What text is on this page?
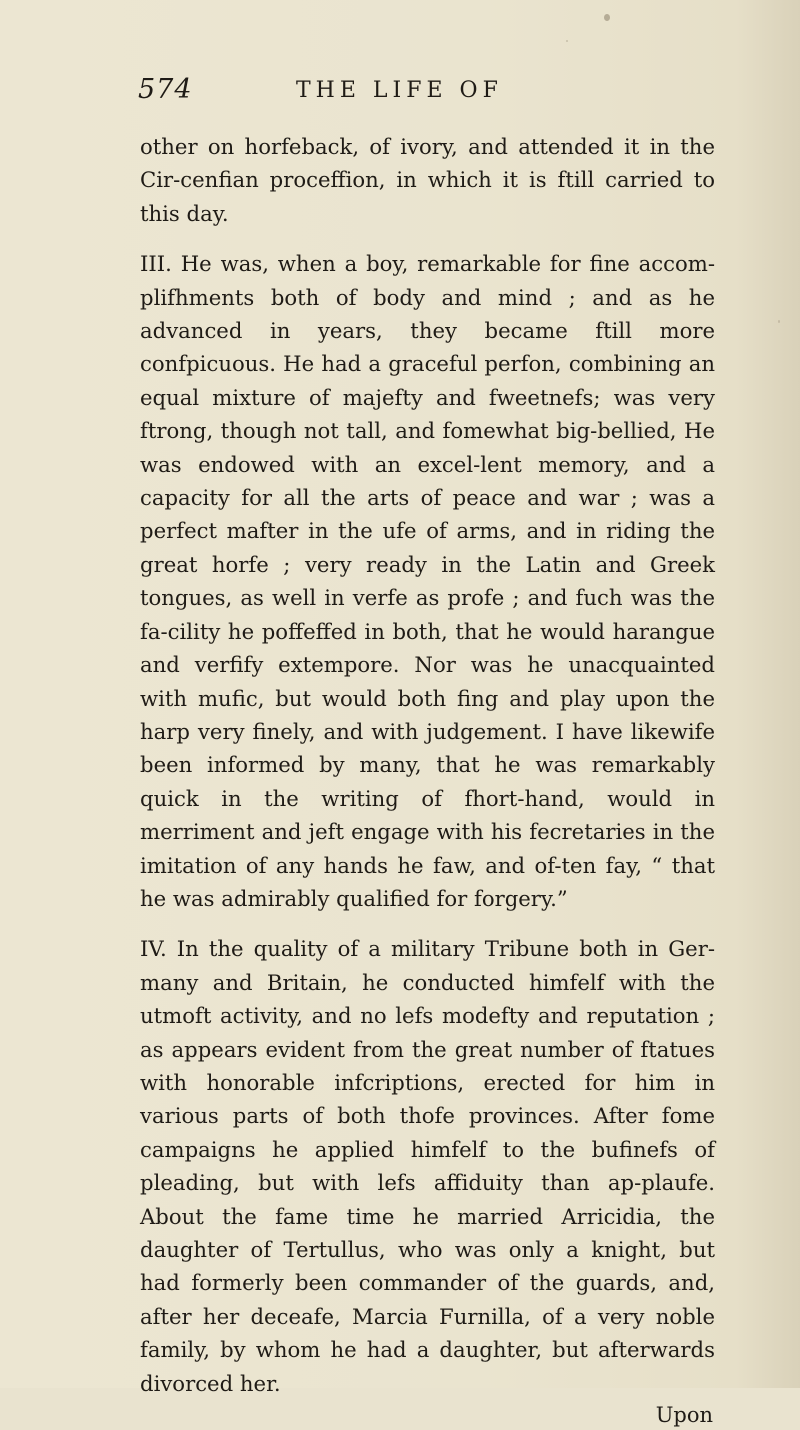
574	THE LIFE OF

other on horfeback, of ivory, and attended it in the Cir-cenfian proceffion, in which it is ftill carried to this day.

III. He was, when a boy, remarkable for fine accom-plifhments both of body and mind ; and as he advanced in years, they became ftill more confpicuous. He had a graceful perfon, combining an equal mixture of majefty and fweetnefs; was very ftrong, though not tall, and fomewhat big-bellied, He was endowed with an excel-lent memory, and a capacity for all the arts of peace and war ; was a perfect mafter in the ufe of arms, and in riding the great horfe ; very ready in the Latin and Greek tongues, as well in verfe as profe ; and fuch was the fa-cility he poffeffed in both, that he would harangue and verfify extempore. Nor was he unacquainted with mufic, but would both fing and play upon the harp very finely, and with judgement. I have likewife been informed by many, that he was remarkably quick in the writing of fhort-hand, would in merriment and jeft engage with his fecretaries in the imitation of any hands he faw, and of-ten fay, “ that he was admirably qualified for forgery.”

IV. In the quality of a military Tribune both in Ger-many and Britain, he conducted himfelf with the utmoft activity, and no lefs modefty and reputation ; as appears evident from the great number of ftatues with honorable infcriptions, erected for him in various parts of both thofe provinces. After fome campaigns he applied himfelf to the bufinefs of pleading, but with lefs affiduity than ap-plaufe. About the fame time he married Arricidia, the daughter of Tertullus, who was only a knight, but had formerly been commander of the guards, and, after her deceafe, Marcia Furnilla, of a very noble family, by whom he had a daughter, but afterwards divorced her.

Upon
